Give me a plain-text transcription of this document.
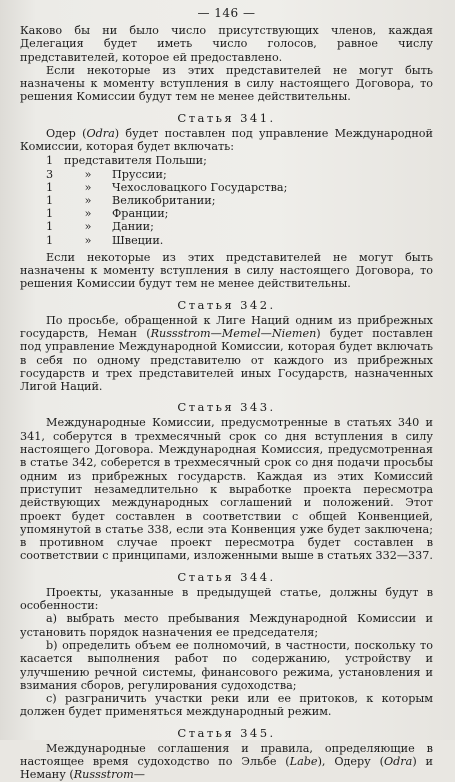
— 146 —

Каково бы ни было число присутствующих членов, каждая Делегация будет иметь число голосов, равное числу представителей, которое ей предоставлено.

Если некоторые из этих представителей не могут быть назначены к моменту вступления в силу настоящего Договора, то решения Комиссии будут тем не менее действительны.

Статья 341.

Одер (Odra) будет поставлен под управление Международной Комиссии, которая будет включать:

1 представителя Польши;
3	»	Пруссии;
1	»	Чехословацкого Государства;
1	»	Великобритании;
1	»	Франции;
1	»	Дании;
1	»	Швеции.

Если некоторые из этих представителей не могут быть назначены к моменту вступления в силу настоящего Договора, то решения Комиссии будут тем не менее действительны.

Статья 342.

По просьбе, обращенной к Лиге Наций одним из прибрежных государств, Неман (Russstrom—Memel—Niemen) будет поставлен под управление Международной Комиссии, которая будет включать в себя по одному представителю от каждого из прибрежных государств и трех представителей иных Государств, назначенных Лигой Наций.

Статья 343.

Международные Комиссии, предусмотренные в статьях 340 и 341, соберутся в трехмесячный срок со дня вступления в силу настоящего Договора. Международная Комиссия, предусмотренная в статье 342, соберется в трехмесячный срок со дня подачи просьбы одним из прибрежных государств. Каждая из этих Комиссий приступит незамедлительно к выработке проекта пересмотра действующих международных соглашений и положений. Этот проект будет составлен в соответствии с общей Конвенцией, упомянутой в статье 338, если эта Конвенция уже будет заключена; в противном случае проект пересмотра будет составлен в соответствии с принципами, изложенными выше в статьях 332—337.

Статья 344.

Проекты, указанные в предыдущей статье, должны будут в особенности:

а) выбрать место пребывания Международной Комиссии и установить порядок назначения ее председателя;

b) определить объем ее полномочий, в частности, поскольку то касается выполнения работ по содержанию, устройству и улучшению речной системы, финансового режима, установления и взимания сборов, регулирования судоходства;

с) разграничить участки реки или ее притоков, к которым должен будет применяться международный режим.

Статья 345.

Международные соглашения и правила, определяющие в настоящее время судоходство по Эльбе (Labe), Одеру (Odra) и Неману (Russstrom—
